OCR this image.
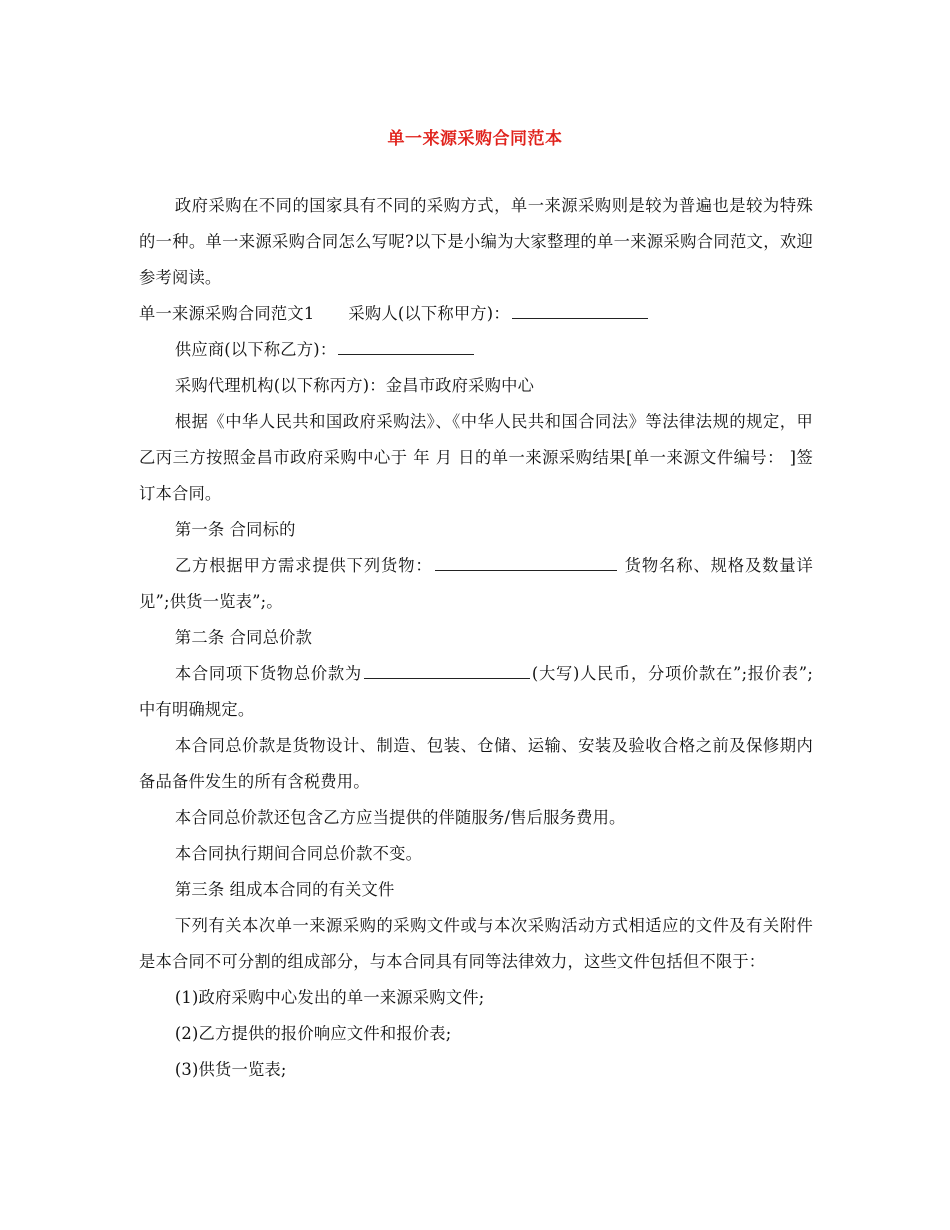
单一来源采购合同范本

政府采购在不同的国家具有不同的采购方式，单一来源采购则是较为普遍也是较为特殊的一种。单一来源采购合同怎么写呢?以下是小编为大家整理的单一来源采购合同范文，欢迎参考阅读。

单一来源采购合同范文1 采购人(以下称甲方)：

供应商(以下称乙方)：

采购代理机构(以下称丙方)：金昌市政府采购中心

根据《中华人民共和国政府采购法》、《中华人民共和国合同法》等法律法规的规定，甲乙丙三方按照金昌市政府采购中心于 年 月 日的单一来源采购结果[单一来源文件编号： ]签订本合同。

第一条 合同标的

乙方根据甲方需求提供下列货物：	货物名称、规格及数量详见”;供货一览表”;。

第二条 合同总价款

本合同项下货物总价款为	(大写)人民币，分项价款在”;报价表”;中有明确规定。

本合同总价款是货物设计、制造、包装、仓储、运输、安装及验收合格之前及保修期内备品备件发生的所有含税费用。

本合同总价款还包含乙方应当提供的伴随服务/售后服务费用。

本合同执行期间合同总价款不变。

第三条 组成本合同的有关文件

下列有关本次单一来源采购的采购文件或与本次采购活动方式相适应的文件及有关附件是本合同不可分割的组成部分，与本合同具有同等法律效力，这些文件包括但不限于：

(1)政府采购中心发出的单一来源采购文件;

(2)乙方提供的报价响应文件和报价表;

(3)供货一览表;
